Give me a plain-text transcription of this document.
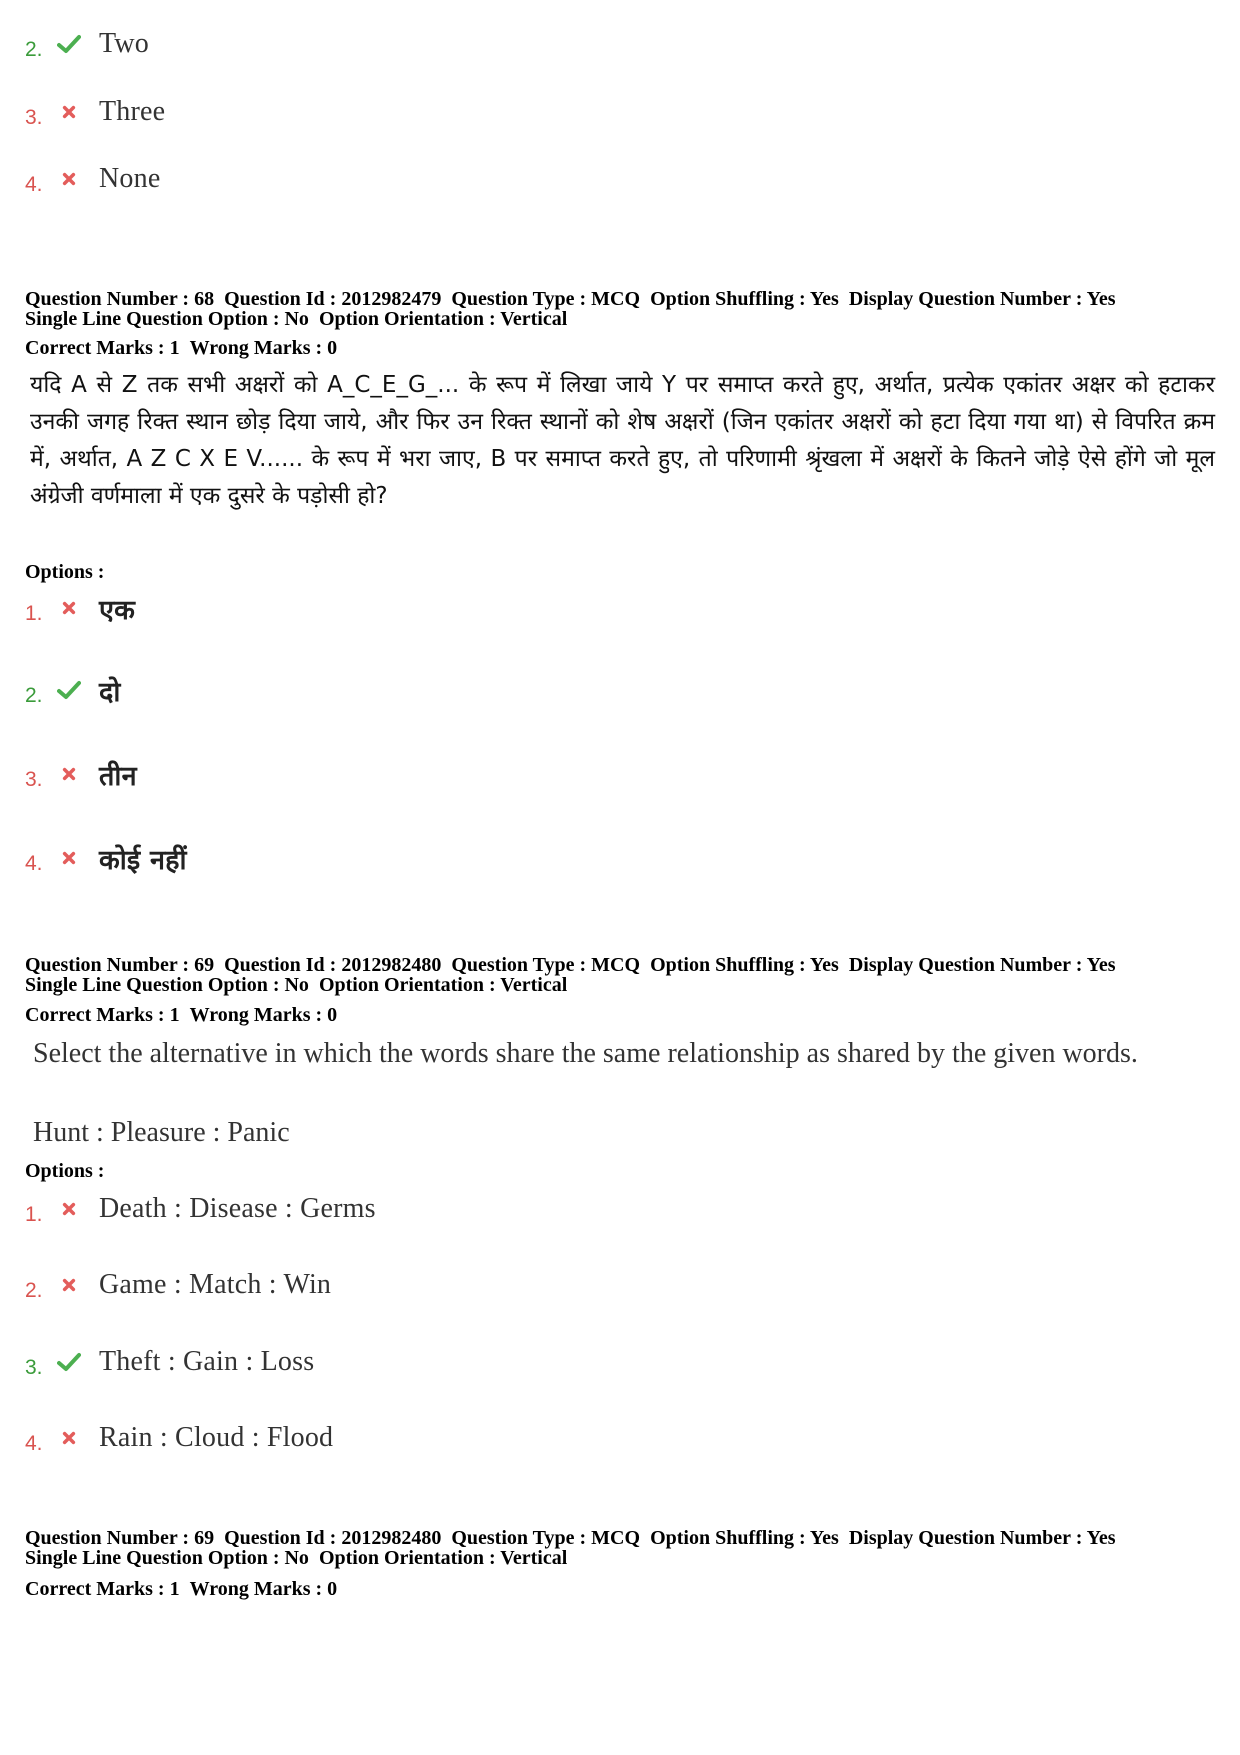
2. Two
3. Three
4. None
Question Number : 68 Question Id : 2012982479 Question Type : MCQ Option Shuffling : Yes Display Question Number : Yes
Single Line Question Option : No Option Orientation : Vertical
Correct Marks : 1 Wrong Marks : 0
यदि A से Z तक सभी अक्षरों को A_C_E_G_... के रूप में लिखा जाये Y पर समाप्त करते हुए, अर्थात, प्रत्येक एकांतर अक्षर को हटाकर उनकी जगह रिक्त स्थान छोड़ दिया जाये, और फिर उन रिक्त स्थानों को शेष अक्षरों (जिन एकांतर अक्षरों को हटा दिया गया था) से विपरित क्रम में, अर्थात, A Z C X E V...... के रूप में भरा जाए, B पर समाप्त करते हुए, तो परिणामी श्रृंखला में अक्षरों के कितने जोड़े ऐसे होंगे जो मूल अंग्रेजी वर्णमाला में एक दुसरे के पड़ोसी हो?
Options :
1. एक
2. दो
3. तीन
4. कोई नहीं
Question Number : 69 Question Id : 2012982480 Question Type : MCQ Option Shuffling : Yes Display Question Number : Yes
Single Line Question Option : No Option Orientation : Vertical
Correct Marks : 1 Wrong Marks : 0
Select the alternative in which the words share the same relationship as shared by the given words.
Hunt : Pleasure : Panic
Options :
1. Death : Disease : Germs
2. Game : Match : Win
3. Theft : Gain : Loss
4. Rain : Cloud : Flood
Question Number : 69 Question Id : 2012982480 Question Type : MCQ Option Shuffling : Yes Display Question Number : Yes
Single Line Question Option : No Option Orientation : Vertical
Correct Marks : 1 Wrong Marks : 0
